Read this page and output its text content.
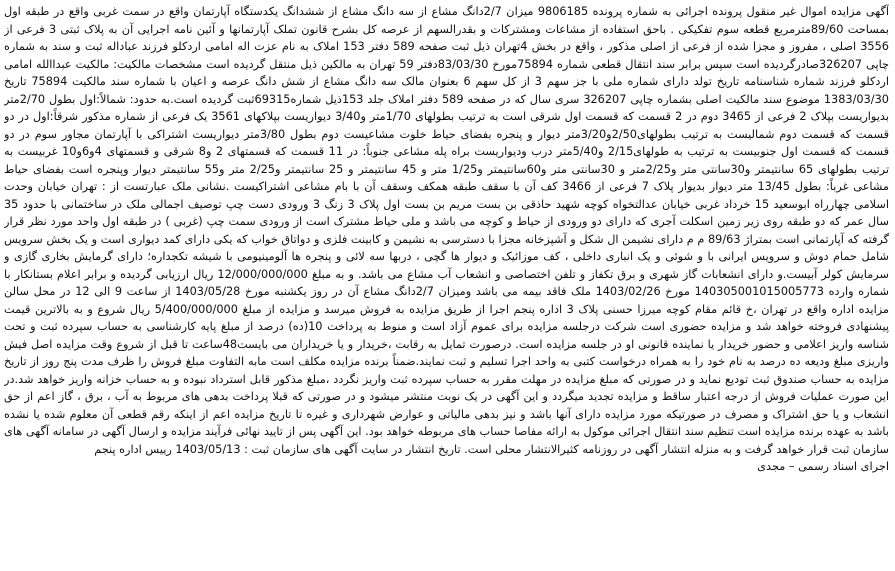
آگهی مزایده اموال غیر منقول پرونده اجرائی به شماره پرونده 9806185 میزان 2/7دانگ مشاع از سه دانگ مشاع از ششدانگ یکدستگاه آپارتمان واقع در سمت غربی واقع در طبقه اول بمساحت 89/60مترمربع قطعه سوم تفکیکی . باحق استفاده از مشاعات ومشترکات و بقدرالسهم از عرصه کل بشرح قانون تملک آپارتمانها و آئین نامه اجرایی آن به پلاک ثبتی 3 فرعی از 3556 اصلی ، مفروز و مجزا شده از فرعی از اصلی مذکور ، واقع در بخش 4تهران ذیل ثبت صفحه 589 دفتر 153 املاک به نام عزت اله امامی اردکلو فرزند عباداله ثبت و سند به شماره چاپی 326207صادرگردیده است سپس برابر سند انتقال قطعی شماره 75894مورخ 83/03/30دفتر 59 تهران به مالکین ذیل منتقل گردیده است مشخصات مالکیت: مالکیت عبداالله امامی اردکلو فرزند شماره شناسنامه تاریخ تولد دارای شماره ملی با جز سهم 3 از کل سهم 6 بعنوان مالک سه دانگ مشاع از شش دانگ عرصه و اعیان با شماره سند مالکیت 75894 تاریخ 1383/03/30 موضوع سند مالکیت اصلی بشماره چاپی 326207 سری سال که در صفحه 589 دفتر املاک جلد 153ذیل شماره69315ثبت گردیده است.به حدود: شمالاً:اول بطول 2/70متر بدیواریست بپلاک 2 فرعی از 3465 دوم در 2 قسمت که قسمت اول شرقی است به ترتیب بطولهای 1/70متر و3/40 دیواریست بپلاکهای 3561 یک فرعی از شماره مذکور شرقاً:اول در دو قسمت که قسمت دوم شمالیست به ترتیب بطولهای2/50و3/20متر دیوار و پنجره بفضای حیاط خلوت مشاعیست دوم بطول 3/80متر دیواریست اشتراکی با آپارتمان مجاور سوم در دو قسمت که قسمت اول جنوبیست به ترتیب به طولهای2/15 و5/40متر درب ودیواریست براه پله مشاعی جنوباً: در 11 قسمت که قسمتهای 2 و8 شرقی و قسمتهای 4و6و10 غربیست به ترتیب بطولهای 65 سانتیمتر و30سانتی متر و2/25متر و 30سانتی متر و60سانتیمتر و1/25 متر و 45 سانتیمتر و 25 سانتیمتر و2/25 متر و55 سانتیمتر دیوار وپنجره است بفضای حیاط مشاعی غرباً: بطول 13/45 متر دیوار بدیوار پلاک 7 فرعی از 3466 کف آن با سقف طبقه همکف وسقف آن با بام مشاعی اشتراکیست .نشانی ملک عبارتست از : تهران خیابان وحدت اسلامی چهارراه ابوسعید 15 خرداد غربی خیابان عدالتخواه کوچه شهید حاذقی بن بست مریم بن بست اول پلاک 3 زنگ 3 ورودی دست چپ توصیف اجمالی ملک در ساختمانی با حدود 35 سال عمر که دو طبقه روی زیر زمین اسکلت آجری که دارای دو ورودی از حیاط و کوچه می باشد و ملی حیاط مشترک است از ورودی سمت چپ (غربی ) در طبقه اول واحد مورد نظر قرار گرفته که آپارتمانی است بمتراژ 89/63 م م دارای نشیمن ال شکل و آشپزخانه مجزا با دسترسی به نشیمن و کابینت فلزی و دواتاق خواب که یکی دارای کمد دیواری است و یک بخش سرویس شامل حمام دوش و سرویس ایرانی با و شوئی و یک انباری داخلی ، کف موزائیک و دیوار ها گچی ، دربها سه لائی و پنجره ها آلومینیومی با شیشه تکجداره؛ دارای گرمایش بخاری گازی و سرمایش کولر آبیست.و دارای انشعابات گاز شهری و برق تکفاز و تلفن اختصاصی و انشعاب آب مشاع می باشد. و به مبلغ 12/000/000/000 ریال ارزیابی گردیده و برابر اعلام بستانکار با شماره وارده 140305001015005773 مورخ 1403/02/26 ملک فاقد بیمه می باشد ومیزان 2/7دانگ مشاع آن در روز یکشنبه مورخ 1403/05/28 از ساعت 9 الی 12 در محل سالن مزایده اداره واقع در تهران ،خ قائم مقام کوچه میرزا حسنی پلاک 3 اداره پنجم اجرا از طریق مزایده به فروش میرسد و مزایده از مبلغ 5/400/000/000 ریال شروع و به بالاترین قیمت پیشنهادی فروخته خواهد شد و مزایده حضوری است شرکت درجلسه مزایده برای عموم آزاد است و منوط به پرداخت 10(ده) درصد از مبلغ پایه کارشناسی به حساب سپرده ثبت و تحت شناسه واریز اعلامی و حضور خریدار یا نماینده قانونی او در جلسه مزایده است. درصورت تمایل به رقابت ،خریدار و یا خریداران می بایست48ساعت تا قبل از شروع وقت مزایده اصل فیش واریزی مبلغ ودیعه ده درصد به نام خود را به همراه درخواست کتبی به واحد اجرا تسلیم و ثبت نمایند.ضمناً برنده مزایده مکلف است مابه التفاوت مبلغ فروش را ظرف مدت پنج روز از تاریخ مزایده به حساب صندوق ثبت تودیع نماید و در صورتی که مبلغ مزایده در مهلت مقرر به حساب سپرده ثبت واریز نگردد ،مبلغ مذکور قابل استرداد نبوده و به حساب خزانه واریز خواهد شد.در این صورت عملیات فروش از درجه اعتبار ساقط و مزایده تجدید میگردد و این آگهی در یک نوبت منتشر میشود و در صورتی که قبلا پرداخت بدهی های مربوط به آب ، برق ، گاز اعم از حق انشعاب و یا حق اشتراک و مصرف در صورتیکه مورد مزایده دارای آنها باشد و نیز بدهی مالیاتی و عوارض شهرداری و غیره تا تاریخ مزایده اعم از اینکه رقم قطعی آن معلوم شده یا نشده باشد به عهده برنده مزایده است تنظیم سند انتقال اجرائی موکول به ارائه مفاصا حساب های مربوطه خواهد بود. این آگهی پس از تایید نهائی فرآیند مزایده و ارسال آگهی در سامانه آگهی های سازمان ثبت قرار خواهد گرفت و به منزله انتشار آگهی در روزنامه کثیرالانتشار محلی است. تاریخ انتشار در سایت آگهی های سازمان ثبت : 1403/05/13 رییس اداره پنجم

اجرای اسناد رسمی – مجدی
